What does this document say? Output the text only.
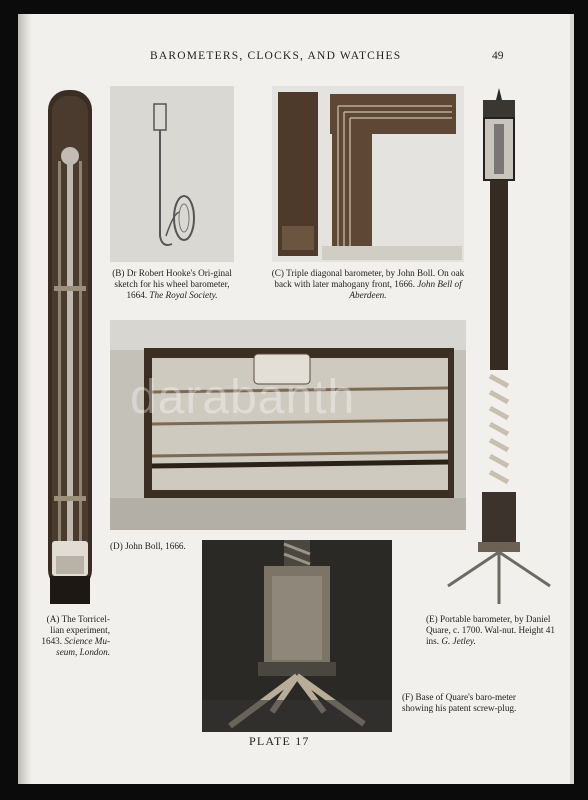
BAROMETERS, CLOCKS, AND WATCHES	49
(A) The Torricel-lian experiment, 1643. Science Mu-seum, London.
(B) Dr Robert Hooke's Ori-ginal sketch for his wheel barometer, 1664. The Royal Society.
(C) Triple diagonal barometer, by John Boll. On oak back with later mahogany front, 1666. John Bell of Aberdeen.
(D) John Boll, 1666.
(E) Portable barometer, by Daniel Quare, c. 1700. Wal-nut. Height 41 ins. G. Jetley.
(F) Base of Quare's baro-meter showing his patent screw-plug.
PLATE 17
darabanth
